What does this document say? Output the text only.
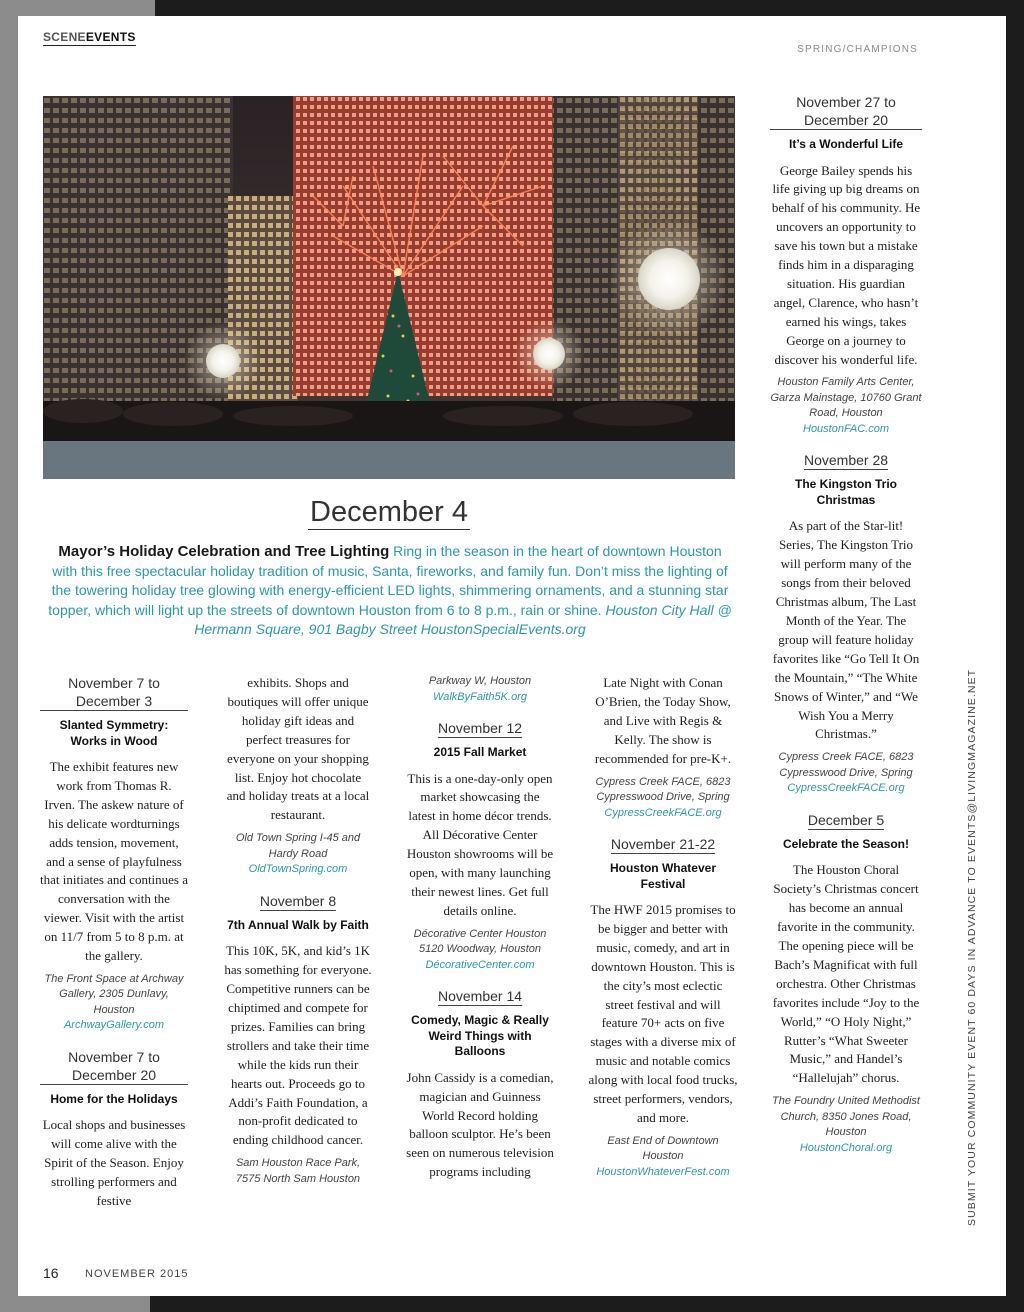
SCENEEVENTS
SPRING/CHAMPIONS
December 4
Mayor’s Holiday Celebration and Tree Lighting Ring in the season in the heart of downtown Houston with this free spectacular holiday tradition of music, Santa, fireworks, and family fun. Don’t miss the lighting of the towering holiday tree glowing with energy-efficient LED lights, shimmering ornaments, and a stunning star topper, which will light up the streets of downtown Houston from 6 to 8 p.m., rain or shine. Houston City Hall @ Hermann Square, 901 Bagby Street HoustonSpecialEvents.org
November 7 to December 3
Slanted Symmetry: Works in Wood
The exhibit features new work from Thomas R. Irven. The askew nature of his delicate wordturnings adds tension, movement, and a sense of playfulness that initiates and continues a conversation with the viewer. Visit with the artist on 11/7 from 5 to 8 p.m. at the gallery.
The Front Space at Archway Gallery, 2305 Dunlavy, Houston
ArchwayGallery.com
November 7 to December 20
Home for the Holidays
Local shops and businesses will come alive with the Spirit of the Season. Enjoy strolling performers and festive
exhibits. Shops and boutiques will offer unique holiday gift ideas and perfect treasures for everyone on your shopping list. Enjoy hot chocolate and holiday treats at a local restaurant.
Old Town Spring I-45 and Hardy Road
OldTownSpring.com
November 8
7th Annual Walk by Faith
This 10K, 5K, and kid’s 1K has something for everyone. Competitive runners can be chiptimed and compete for prizes. Families can bring strollers and take their time while the kids run their hearts out. Proceeds go to Addi’s Faith Foundation, a non-profit dedicated to ending childhood cancer.
Sam Houston Race Park, 7575 North Sam Houston
Parkway W, Houston
WalkByFaith5K.org
November 12
2015 Fall Market
This is a one-day-only open market showcasing the latest in home décor trends. All Décorative Center Houston showrooms will be open, with many launching their newest lines. Get full details online.
Décorative Center Houston 5120 Woodway, Houston
DécorativeCenter.com
November 14
Comedy, Magic & Really Weird Things with Balloons
John Cassidy is a comedian, magician and Guinness World Record holding balloon sculptor. He’s been seen on numerous television programs including
Late Night with Conan O’Brien, the Today Show, and Live with Regis & Kelly. The show is recommended for pre-K+.
Cypress Creek FACE, 6823 Cypresswood Drive, Spring
CypressCreekFACE.org
November 21-22
Houston Whatever Festival
The HWF 2015 promises to be bigger and better with music, comedy, and art in downtown Houston. This is the city’s most eclectic street festival and will feature 70+ acts on five stages with a diverse mix of music and notable comics along with local food trucks, street performers, vendors, and more.
East End of Downtown Houston
HoustonWhateverFest.com
November 27 to December 20
It’s a Wonderful Life
George Bailey spends his life giving up big dreams on behalf of his community. He uncovers an opportunity to save his town but a mistake finds him in a disparaging situation. His guardian angel, Clarence, who hasn’t earned his wings, takes George on a journey to discover his wonderful life.
Houston Family Arts Center, Garza Mainstage, 10760 Grant Road, Houston
HoustonFAC.com
November 28
The Kingston Trio Christmas
As part of the Star-lit! Series, The Kingston Trio will perform many of the songs from their beloved Christmas album, The Last Month of the Year. The group will feature holiday favorites like “Go Tell It On the Mountain,” “The White Snows of Winter,” and “We Wish You a Merry Christmas.”
Cypress Creek FACE, 6823 Cypresswood Drive, Spring
CypressCreekFACE.org
December 5
Celebrate the Season!
The Houston Choral Society’s Christmas concert has become an annual favorite in the community. The opening piece will be Bach’s Magnificat with full orchestra. Other Christmas favorites include “Joy to the World,” “O Holy Night,” Rutter’s “What Sweeter Music,” and Handel’s “Hallelujah” chorus.
The Foundry United Methodist Church, 8350 Jones Road, Houston
HoustonChoral.org	SUBMIT YOUR COMMUNITY EVENT 60 DAYS IN ADVANCE TO EVENTS@LIVINGMAGAZINE.NET
16 NOVEMBER 2015
